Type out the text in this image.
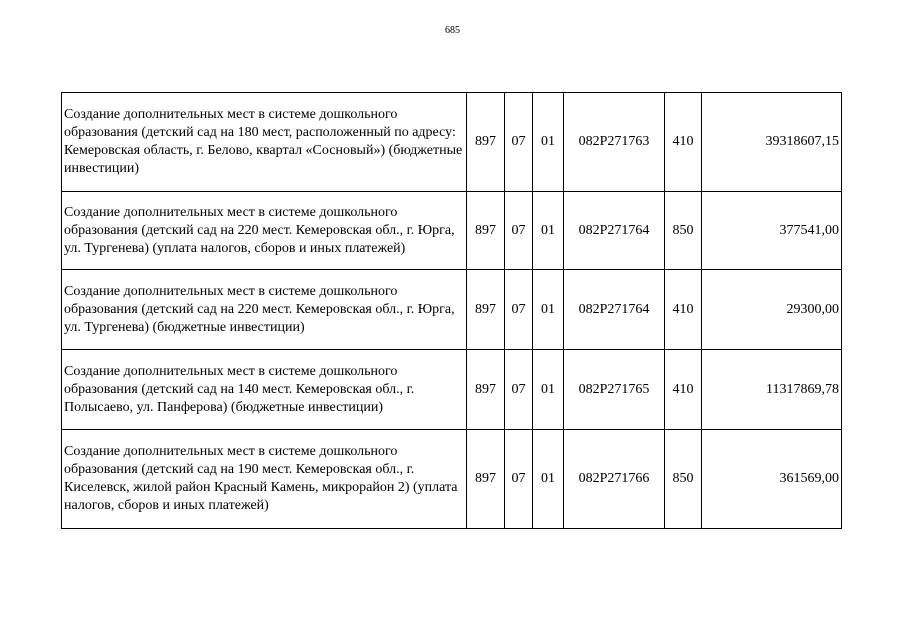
685
Создание дополнительных мест в системе дошкольного образования (детский сад на 180 мест, расположенный по адресу: Кемеровская область, г. Белово, квартал «Сосновый») (бюджетные инвестиции)	897	07	01	082P271763	410	39318607,15
Создание дополнительных мест в системе дошкольного образования (детский сад на 220 мест. Кемеровская обл., г. Юрга, ул. Тургенева) (уплата налогов, сборов и иных платежей)	897	07	01	082P271764	850	377541,00
Создание дополнительных мест в системе дошкольного образования (детский сад на 220 мест. Кемеровская обл., г. Юрга, ул. Тургенева) (бюджетные инвестиции)	897	07	01	082P271764	410	29300,00
Создание дополнительных мест в системе дошкольного образования (детский сад на 140 мест. Кемеровская обл., г. Полысаево, ул. Панферова) (бюджетные инвестиции)	897	07	01	082P271765	410	11317869,78
Создание дополнительных мест в системе дошкольного образования (детский сад на 190 мест. Кемеровская обл., г. Киселевск, жилой район Красный Камень, микрорайон 2) (уплата налогов, сборов и иных платежей)	897	07	01	082P271766	850	361569,00
